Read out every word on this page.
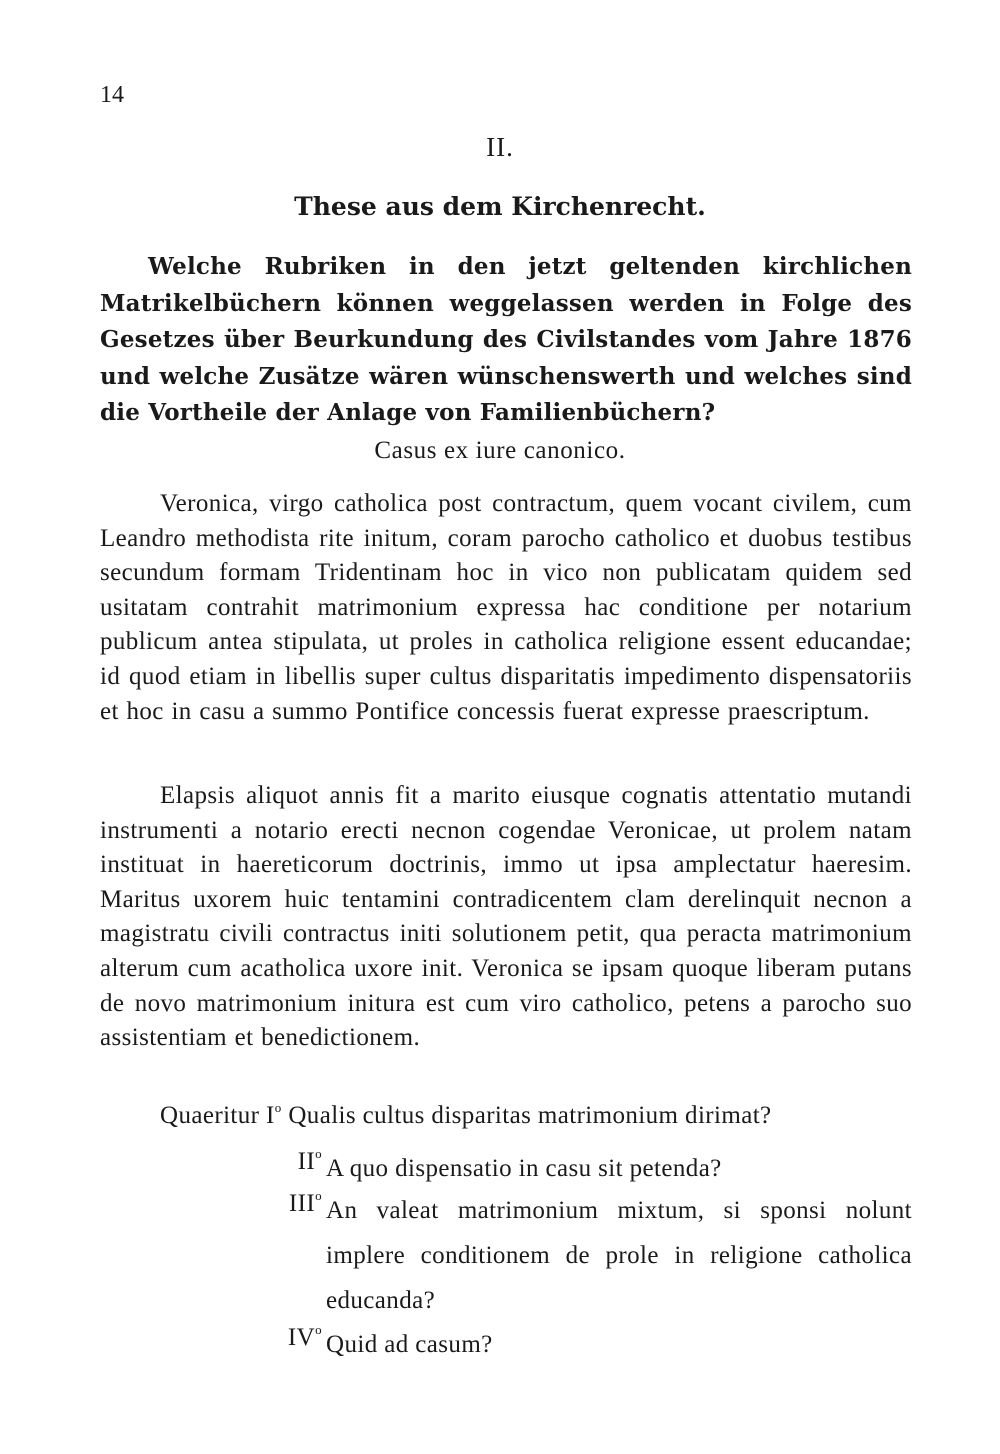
14
II.
These aus dem Kirchenrecht.
Welche Rubriken in den jetzt geltenden kirchlichen Matrikelbüchern können weggelassen werden in Folge des Gesetzes über Beurkundung des Civilstandes vom Jahre 1876 und welche Zusätze wären wünschenswerth und welches sind die Vortheile der Anlage von Familienbüchern?
Casus ex iure canonico.
Veronica, virgo catholica post contractum, quem vocant civilem, cum Leandro methodista rite initum, coram parocho catholico et duobus testibus secundum formam Tridentinam hoc in vico non publicatam quidem sed usitatam contrahit matrimonium expressa hac conditione per notarium publicum antea stipulata, ut proles in catholica religione essent educandae; id quod etiam in libellis super cultus disparitatis impedimento dispensatoriis et hoc in casu a summo Pontifice concessis fuerat expresse praescriptum.
Elapsis aliquot annis fit a marito eiusque cognatis attentatio mutandi instrumenti a notario erecti necnon cogendae Veronicae, ut prolem natam instituat in haereticorum doctrinis, immo ut ipsa amplectatur haeresim. Maritus uxorem huic tentamini contradicentem clam derelinquit necnon a magistratu civili contractus initi solutionem petit, qua peracta matrimonium alterum cum acatholica uxore init. Veronica se ipsam quoque liberam putans de novo matrimonium initura est cum viro catholico, petens a parocho suo assistentiam et benedictionem.
Quaeritur $I^o$ Qualis cultus disparitas matrimonium dirimat?
$II^o$
A quo dispensatio in casu sit petenda?
III$^o$
An valeat matrimonium mixtum, si sponsi nolunt implere conditionem de prole in religione catholica educanda?
$IV^o$
Quid ad casum?
